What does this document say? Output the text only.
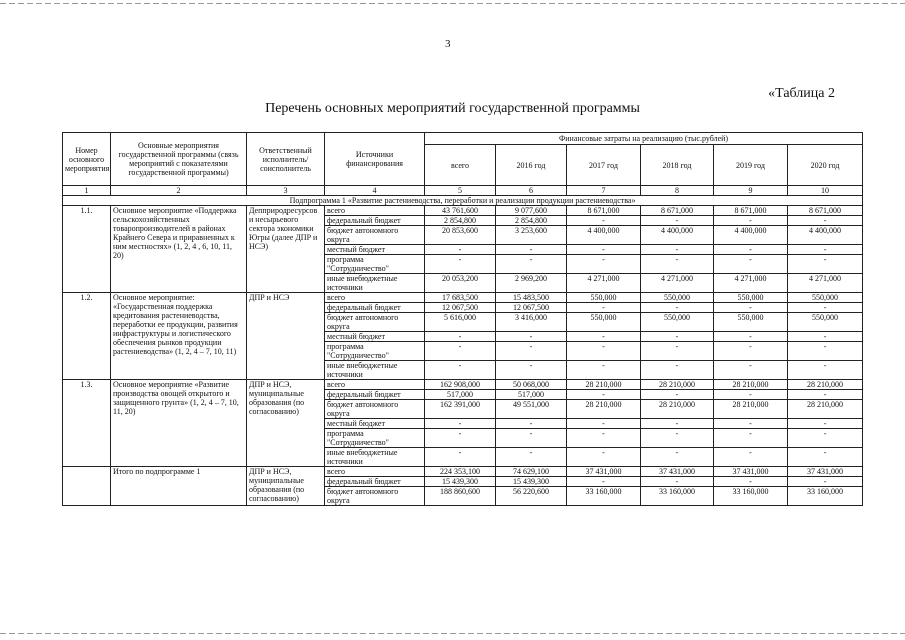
3
«Таблица 2
Перечень основных мероприятий государственной программы
Номер основного мероприятия	Основные мероприятия государственной программы (связь мероприятий с показателями государственной программы)	Ответственный исполнитель/соисполнитель	Источники финансирования	Финансовые затраты на реализацию (тыс.рублей)					
				всего	2016 год	2017 год	2018 год	2019 год	2020 год
1	2	3	4	5	6	7	8	9	10
Подпрограмма 1 «Развитие растениеводства, переработки и реализации продукции растениеводства»									
1.1.	Основное мероприятие «Поддержка сельскохозяйственных товаропроизводителей в районах Крайнего Севера и приравненных к ним местностях» (1, 2, 4 , 6, 10, 11, 20)	Депприродресурсов и несырьевого сектора экономики Югры (далее ДПР и НСЭ)	всего	43 761,600	9 077,600	8 671,000	8 671,000	8 671,000	8 671,000
			федеральный бюджет	2 854,800	2 854,800	-	-	-	-
			бюджет автономного округа	20 853,600	3 253,600	4 400,000	4 400,000	4 400,000	4 400,000
			местный бюджет	-	-	-	-	-	-
			программа "Сотрудничество"	-	-	-	-	-	-
			иные внебюджетные источники	20 053,200	2 969,200	4 271,000	4 271,000	4 271,000	4 271,000
1.2.	Основное мероприятие: «Государственная поддержка кредитования растениеводства, переработки ее продукции, развития инфраструктуры и логистического обеспечения рынков продукции растениеводства» (1, 2, 4 – 7, 10, 11)	ДПР и НСЭ	всего	17 683,500	15 483,500	550,000	550,000	550,000	550,000
			федеральный бюджет	12 067,500	12 067,500	-	-	-	-
			бюджет автономного округа	5 616,000	3 416,000	550,000	550,000	550,000	550,000
			местный бюджет	-	-	-	-	-	-
			программа "Сотрудничество"	-	-	-	-	-	-
			иные внебюджетные источники	-	-	-	-	-	-
1.3.	Основное мероприятие «Развитие производства овощей открытого и защищенного грунта» (1, 2, 4 – 7, 10, 11, 20)	ДПР и НСЭ, муниципальные образования (по согласованию)	всего	162 908,000	50 068,000	28 210,000	28 210,000	28 210,000	28 210,000
			федеральный бюджет	517,000	517,000	-	-	-	-
			бюджет автономного округа	162 391,000	49 551,000	28 210,000	28 210,000	28 210,000	28 210,000
			местный бюджет	-	-	-	-	-	-
			программа "Сотрудничество"	-	-	-	-	-	-
			иные внебюджетные источники	-	-	-	-	-	-
	Итого по подпрограмме 1	ДПР и НСЭ, муниципальные образования (по согласованию)	всего	224 353,100	74 629,100	37 431,000	37 431,000	37 431,000	37 431,000
			федеральный бюджет	15 439,300	15 439,300	-	-	-	-
			бюджет автономного округа	188 860,600	56 220,600	33 160,000	33 160,000	33 160,000	33 160,000
